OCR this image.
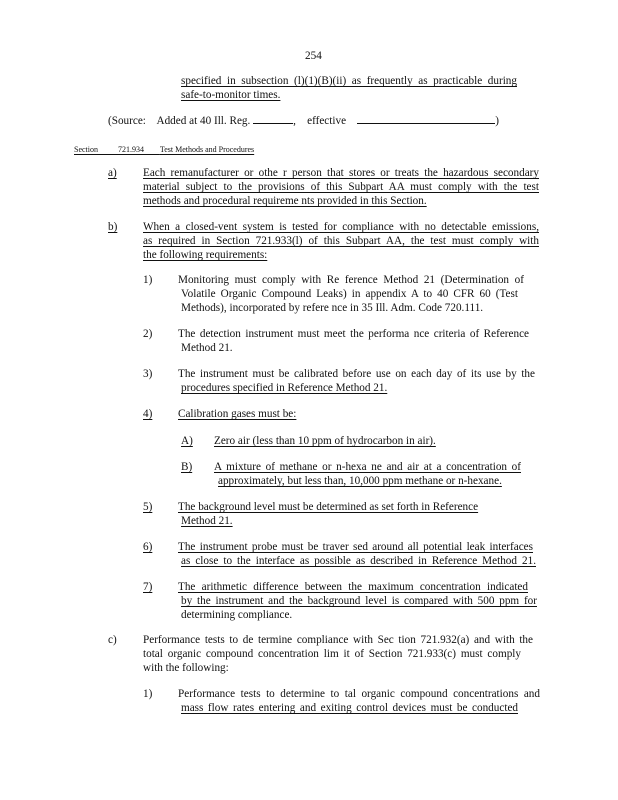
254
specified in subsection (l)(1)(B)(ii) as frequently as practicable during
safe-to-monitor times.
(Source: Added at 40 Ill. Reg.	,    effective	)
Section	721.934 Test Methods and Procedures
a) Each remanufacturer or othe r person that stores or treats the hazardous secondary
material subject to the provisions of this Subpart AA must comply with the test
methods and procedural requireme nts provided in this Section.
b) When a closed-vent system is tested for compliance with no detectable emissions,
as required in Section 721.933(l) of this Subpart AA, the test must comply with
the following requirements:
1) Monitoring must comply with Re ference Method 21 (Determination of
Volatile Organic Compound Leaks) in appendix A to 40 CFR 60 (Test
Methods), incorporated by refere nce in 35 Ill. Adm. Code 720.111.
2) The detection instrument must meet the performa nce criteria of Reference
Method 21.
3) The instrument must be calibrated before use on each day of its use by the
procedures specified in Reference Method 21.
4) Calibration gases must be:
A) Zero air (less than 10 ppm of hydrocarbon in air).
B) A mixture of methane or n-hexa ne and air at a concentration of
approximately, but less than, 10,000 ppm methane or n-hexane.
5) The background level must be determined as set forth in Reference
Method 21.
6) The instrument probe must be traver sed around all potential leak interfaces
as close to the interface as possible as described in Reference Method 21.
7) The arithmetic difference between the maximum concentration indicated
by the instrument and the background level is compared with 500 ppm for
determining compliance.
c) Performance tests to de termine compliance with Sec tion 721.932(a) and with the
total organic compound concentration lim it of Section 721.933(c) must comply
with the following:
1) Performance tests to determine to tal organic compound concentrations and
mass flow rates entering and exiting control devices must be conducted
